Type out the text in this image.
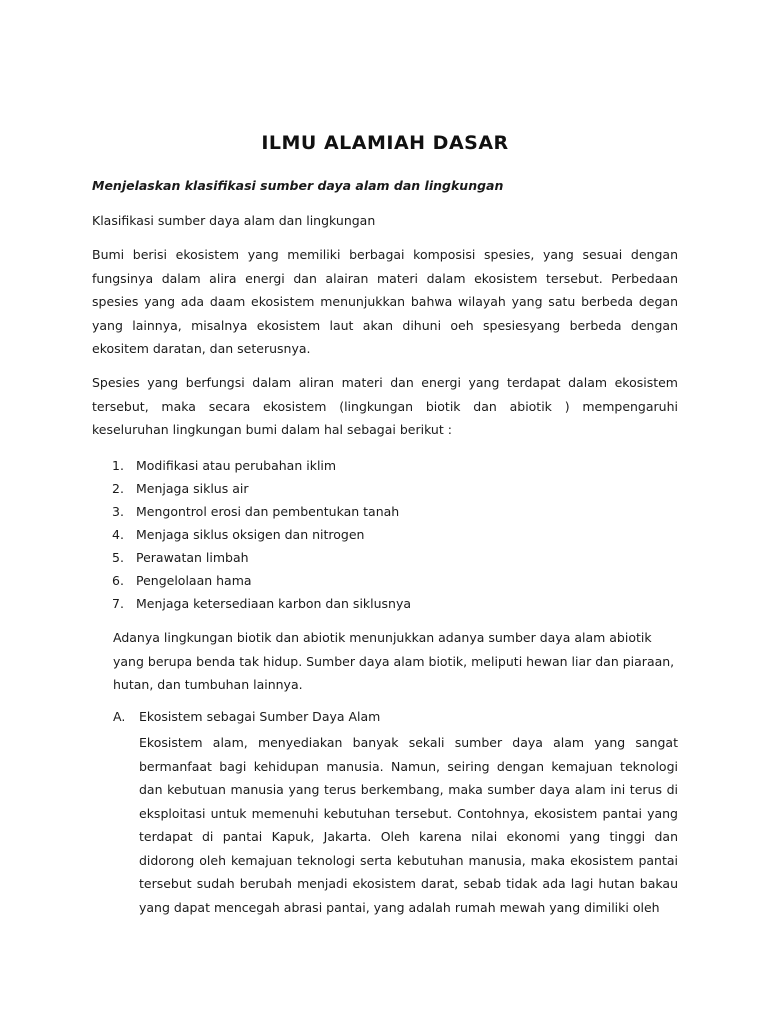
ILMU ALAMIAH DASAR
Menjelaskan klasifikasi sumber daya alam dan lingkungan
Klasifikasi sumber daya alam dan lingkungan

Bumi berisi ekosistem yang memiliki berbagai komposisi spesies, yang sesuai dengan fungsinya dalam alira energi dan alairan materi dalam ekosistem tersebut. Perbedaan spesies yang ada daam ekosistem menunjukkan bahwa wilayah yang satu berbeda degan yang lainnya, misalnya ekosistem laut akan dihuni oeh spesiesyang berbeda dengan ekositem daratan, dan seterusnya.

Spesies yang berfungsi dalam aliran materi dan energi yang terdapat dalam ekosistem tersebut, maka secara ekosistem (lingkungan biotik dan abiotik ) mempengaruhi keseluruhan lingkungan bumi dalam hal sebagai berikut :

1. Modifikasi atau perubahan iklim
2. Menjaga siklus air
3. Mengontrol erosi dan pembentukan tanah
4. Menjaga siklus oksigen dan nitrogen
5. Perawatan limbah
6. Pengelolaan hama
7. Menjaga ketersediaan karbon dan siklusnya

Adanya lingkungan biotik dan abiotik menunjukkan adanya sumber daya alam abiotik yang berupa benda tak hidup. Sumber daya alam biotik, meliputi hewan liar dan piaraan, hutan, dan tumbuhan lainnya.

A.	Ekosistem sebagai Sumber Daya Alam

Ekosistem alam, menyediakan banyak sekali sumber daya alam yang sangat bermanfaat bagi kehidupan manusia. Namun, seiring dengan kemajuan teknologi dan kebutuan manusia yang terus berkembang, maka sumber daya alam ini terus di eksploitasi untuk memenuhi kebutuhan tersebut. Contohnya, ekosistem pantai yang terdapat di pantai Kapuk, Jakarta. Oleh karena nilai ekonomi yang tinggi dan didorong oleh kemajuan teknologi serta kebutuhan manusia, maka ekosistem pantai tersebut sudah berubah menjadi ekosistem darat, sebab tidak ada lagi hutan bakau yang dapat mencegah abrasi pantai, yang adalah rumah mewah yang dimiliki oleh
